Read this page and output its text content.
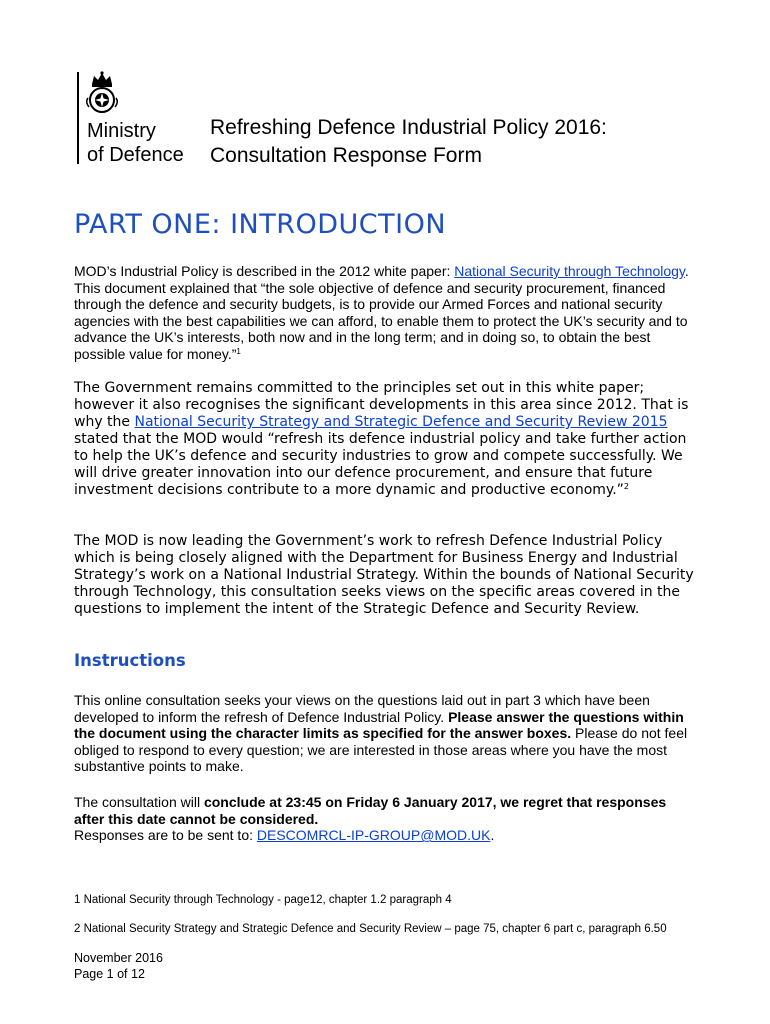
Ministry
of Defence
Refreshing Defence Industrial Policy 2016:
Consultation Response Form
PART ONE: INTRODUCTION

MOD’s Industrial Policy is described in the 2012 white paper: National Security through Technology. This document explained that “the sole objective of defence and security procurement, financed through the defence and security budgets, is to provide our Armed Forces and national security agencies with the best capabilities we can afford, to enable them to protect the UK’s security and to advance the UK’s interests, both now and in the long term; and in doing so, to obtain the best possible value for money.”$^1$

The Government remains committed to the principles set out in this white paper; however it also recognises the significant developments in this area since 2012. That is why the National Security Strategy and Strategic Defence and Security Review 2015 stated that the MOD would “refresh its defence industrial policy and take further action to help the UK’s defence and security industries to grow and compete successfully. We will drive greater innovation into our defence procurement, and ensure that future investment decisions contribute to a more dynamic and productive economy.”$^2$

The MOD is now leading the Government’s work to refresh Defence Industrial Policy which is being closely aligned with the Department for Business Energy and Industrial Strategy’s work on a National Industrial Strategy. Within the bounds of National Security through Technology, this consultation seeks views on the specific areas covered in the questions to implement the intent of the Strategic Defence and Security Review.

Instructions

This online consultation seeks your views on the questions laid out in part 3 which have been developed to inform the refresh of Defence Industrial Policy. Please answer the questions within the document using the character limits as specified for the answer boxes. Please do not feel obliged to respond to every question; we are interested in those areas where you have the most substantive points to make.

The consultation will conclude at 23:45 on Friday 6 January 2017, we regret that responses after this date cannot be considered.
Responses are to be sent to: DESCOMRCL-IP-GROUP@MOD.UK.

1 National Security through Technology - page12, chapter 1.2 paragraph 4

2 National Security Strategy and Strategic Defence and Security Review – page 75, chapter 6 part c, paragraph 6.50

November 2016
Page 1 of 12
